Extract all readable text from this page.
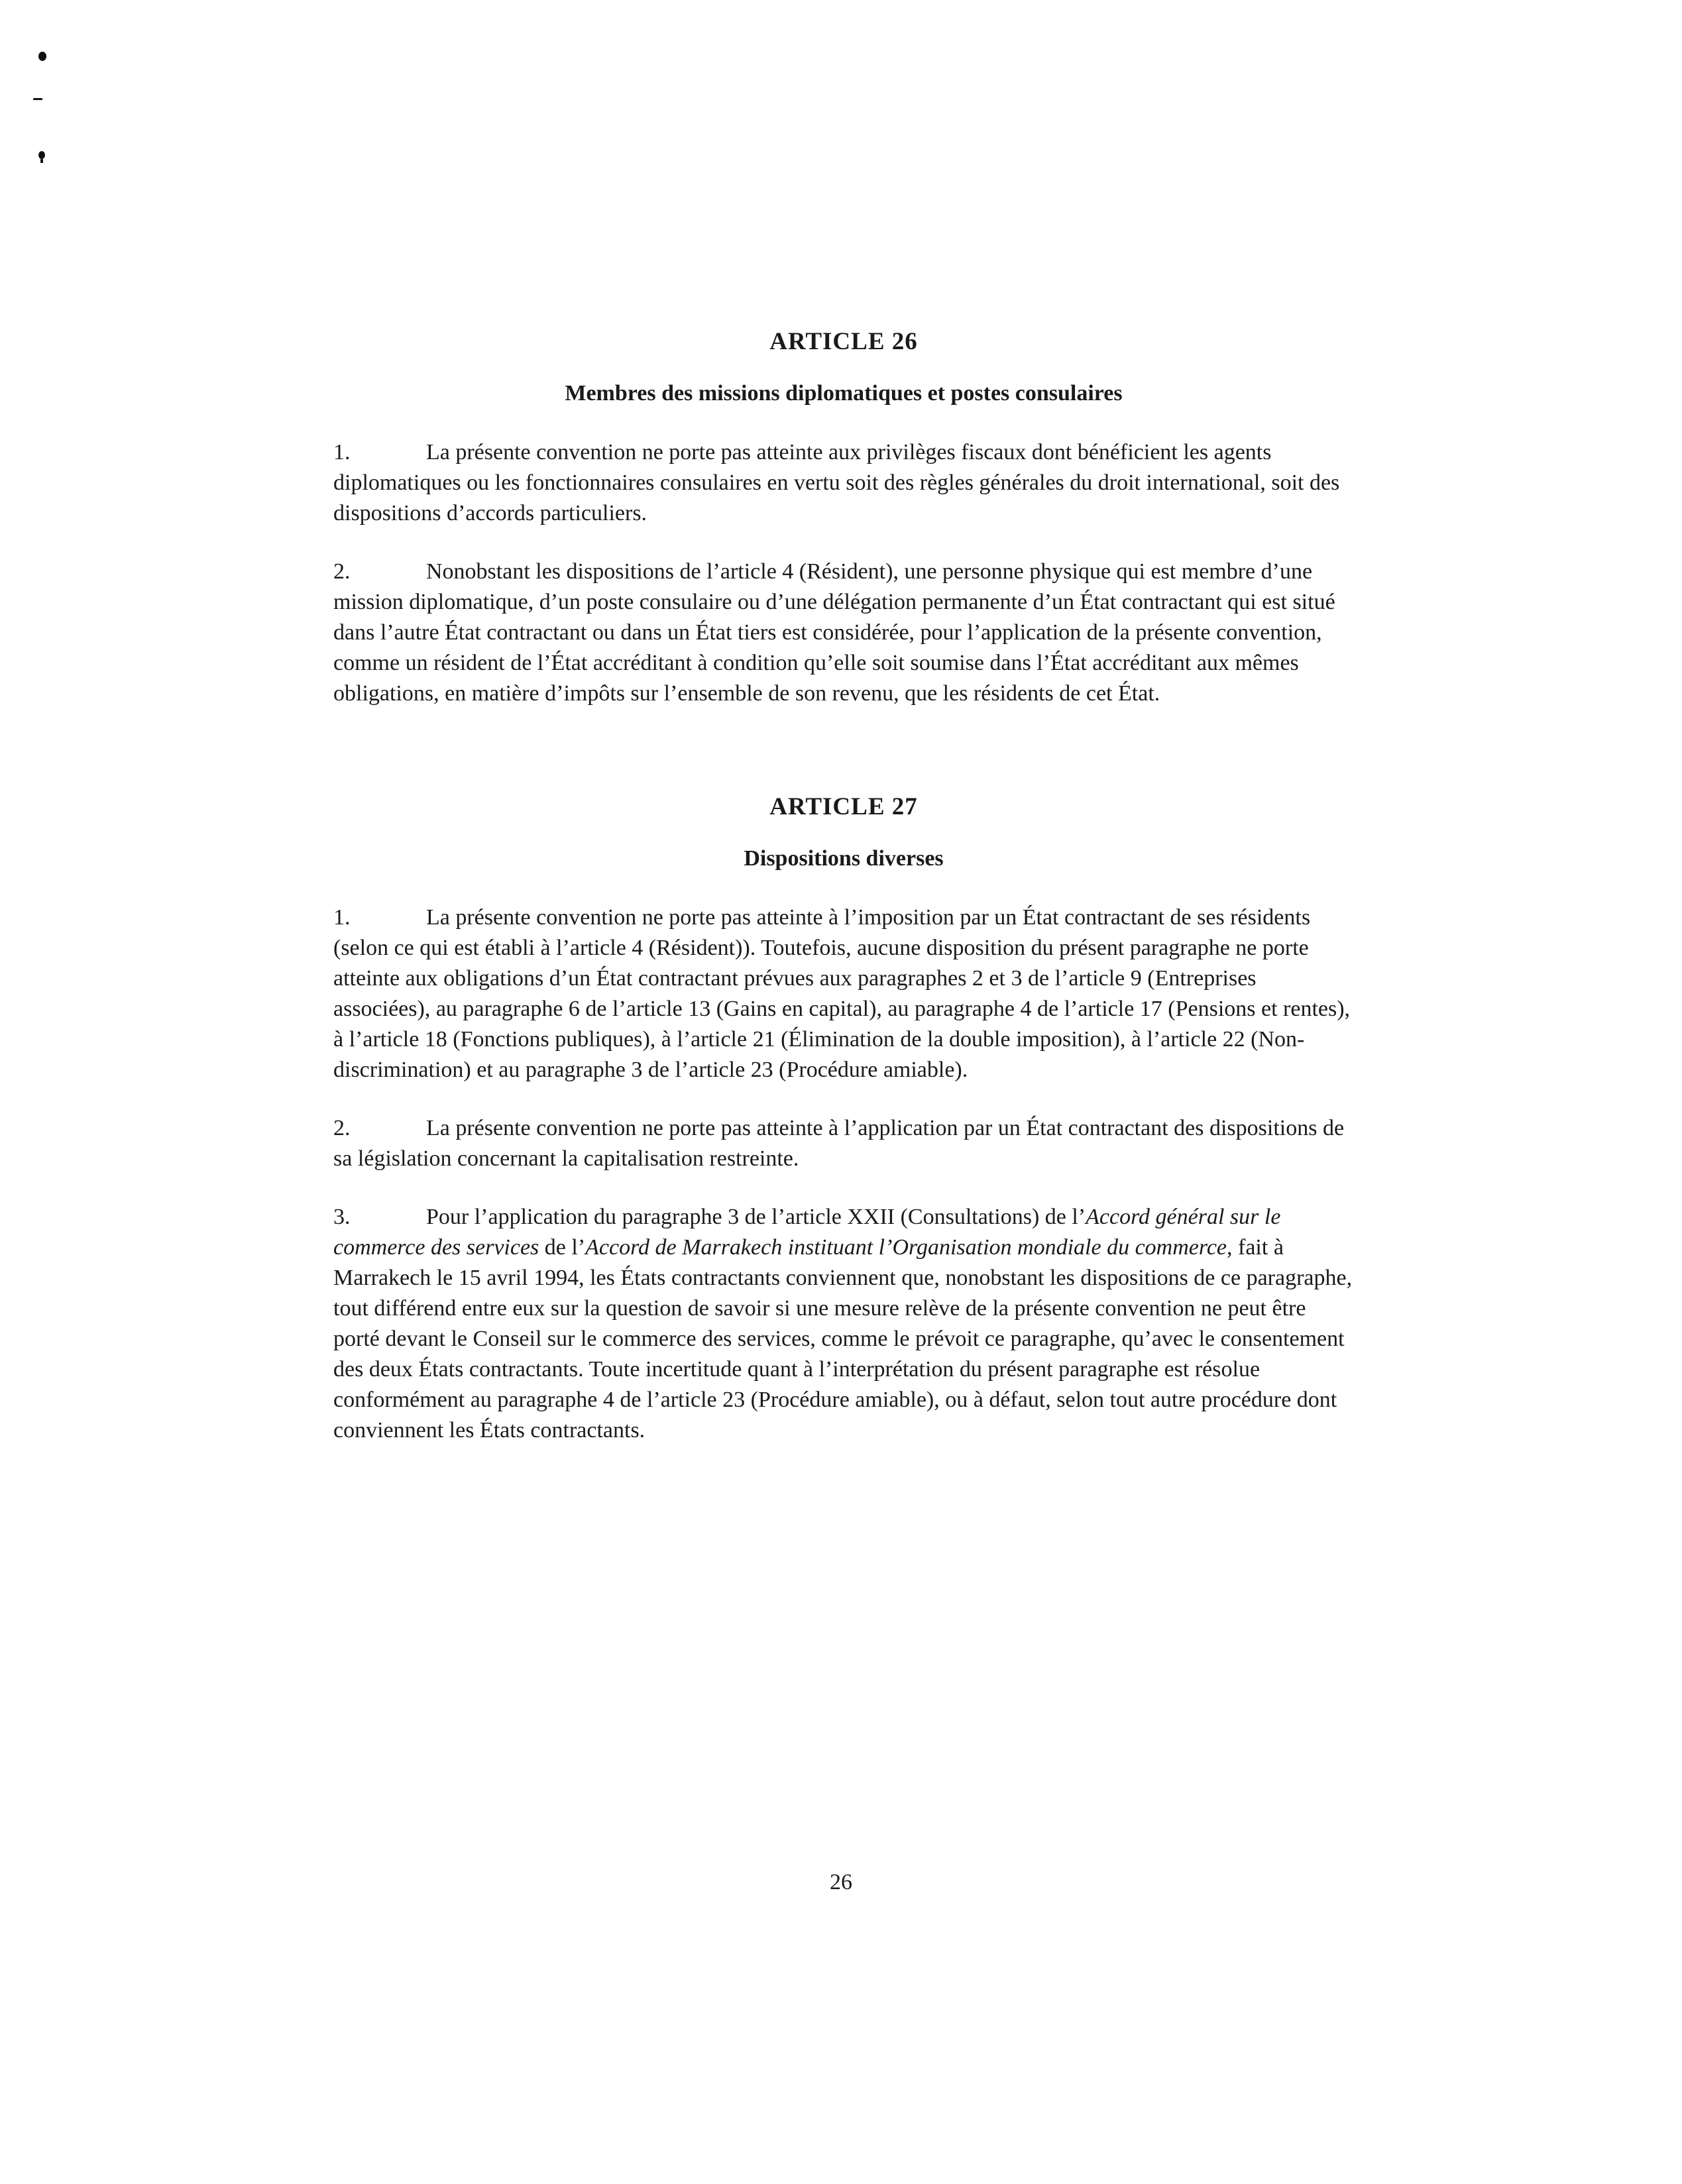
ARTICLE 26
Membres des missions diplomatiques et postes consulaires

1.	La présente convention ne porte pas atteinte aux privilèges fiscaux dont bénéficient les agents diplomatiques ou les fonctionnaires consulaires en vertu soit des règles générales du droit international, soit des dispositions d’accords particuliers.

2.	Nonobstant les dispositions de l’article 4 (Résident), une personne physique qui est membre d’une mission diplomatique, d’un poste consulaire ou d’une délégation permanente d’un État contractant qui est situé dans l’autre État contractant ou dans un État tiers est considérée, pour l’application de la présente convention, comme un résident de l’État accréditant à condition qu’elle soit soumise dans l’État accréditant aux mêmes obligations, en matière d’impôts sur l’ensemble de son revenu, que les résidents de cet État.

ARTICLE 27
Dispositions diverses

1.	La présente convention ne porte pas atteinte à l’imposition par un État contractant de ses résidents (selon ce qui est établi à l’article 4 (Résident)). Toutefois, aucune disposition du présent paragraphe ne porte atteinte aux obligations d’un État contractant prévues aux paragraphes 2 et 3 de l’article 9 (Entreprises associées), au paragraphe 6 de l’article 13 (Gains en capital), au paragraphe 4 de l’article 17 (Pensions et rentes), à l’article 18 (Fonctions publiques), à l’article 21 (Élimination de la double imposition), à l’article 22 (Non-discrimination) et au paragraphe 3 de l’article 23 (Procédure amiable).

2.	La présente convention ne porte pas atteinte à l’application par un État contractant des dispositions de sa législation concernant la capitalisation restreinte.

3.	Pour l’application du paragraphe 3 de l’article XXII (Consultations) de l’Accord général sur le commerce des services de l’Accord de Marrakech instituant l’Organisation mondiale du commerce, fait à Marrakech le 15 avril 1994, les États contractants conviennent que, nonobstant les dispositions de ce paragraphe, tout différend entre eux sur la question de savoir si une mesure relève de la présente convention ne peut être porté devant le Conseil sur le commerce des services, comme le prévoit ce paragraphe, qu’avec le consentement des deux États contractants. Toute incertitude quant à l’interprétation du présent paragraphe est résolue conformément au paragraphe 4 de l’article 23 (Procédure amiable), ou à défaut, selon tout autre procédure dont conviennent les États contractants.

26
